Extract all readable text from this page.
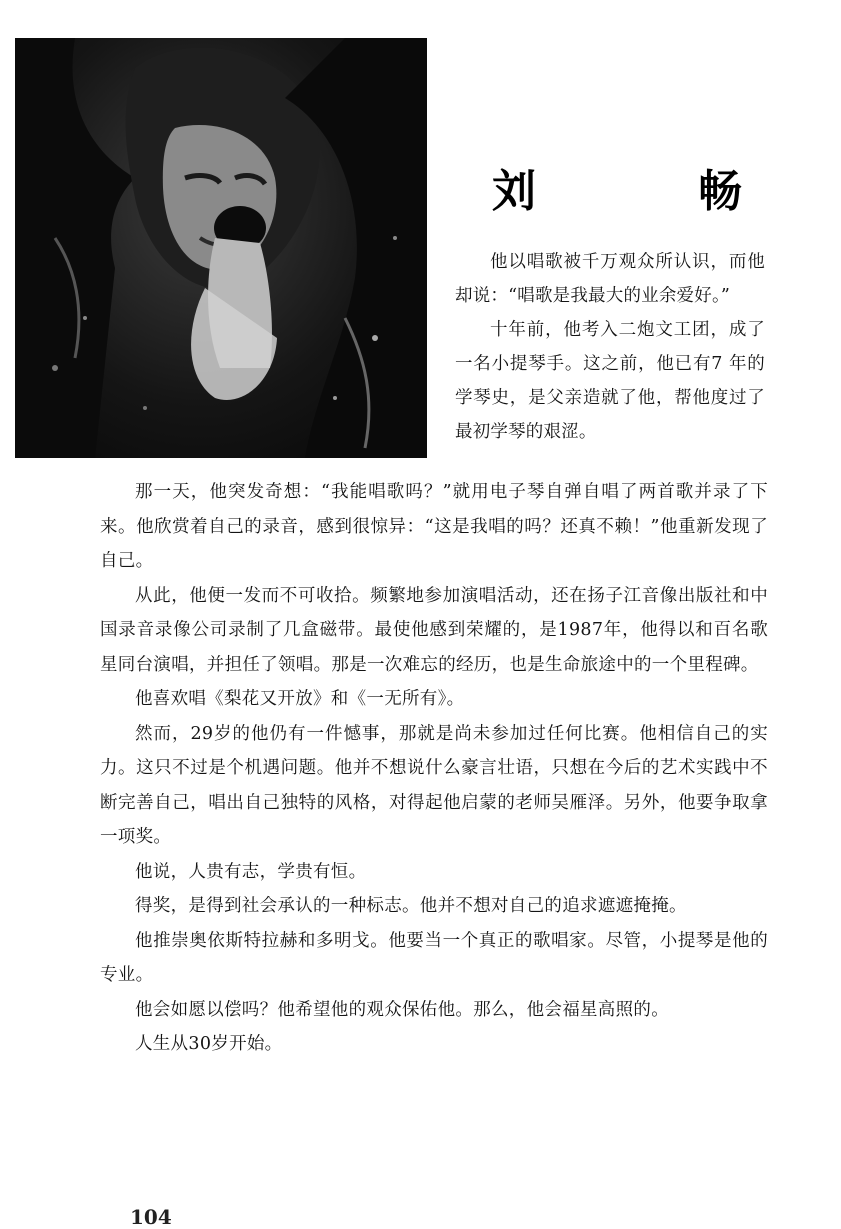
刘	畅

他以唱歌被千万观众所认识，而他却说：“唱歌是我最大的业余爱好。”

十年前，他考入二炮文工团，成了一名小提琴手。这之前，他已有7 年的学琴史，是父亲造就了他，帮他度过了最初学琴的艰涩。

那一天，他突发奇想：“我能唱歌吗？”就用电子琴自弹自唱了两首歌并录了下来。他欣赏着自己的录音，感到很惊异：“这是我唱的吗？还真不赖！”他重新发现了自己。

从此，他便一发而不可收拾。频繁地参加演唱活动，还在扬子江音像出版社和中国录音录像公司录制了几盒磁带。最使他感到荣耀的，是1987年，他得以和百名歌星同台演唱，并担任了领唱。那是一次难忘的经历，也是生命旅途中的一个里程碑。

他喜欢唱《梨花又开放》和《一无所有》。

然而，29岁的他仍有一件憾事，那就是尚未参加过任何比赛。他相信自己的实力。这只不过是个机遇问题。他并不想说什么豪言壮语，只想在今后的艺术实践中不断完善自己，唱出自己独特的风格，对得起他启蒙的老师吴雁泽。另外，他要争取拿一项奖。

他说，人贵有志，学贵有恒。

得奖，是得到社会承认的一种标志。他并不想对自己的追求遮遮掩掩。

他推崇奥依斯特拉赫和多明戈。他要当一个真正的歌唱家。尽管，小提琴是他的专业。

他会如愿以偿吗？他希望他的观众保佑他。那么，他会福星高照的。

人生从30岁开始。

104
